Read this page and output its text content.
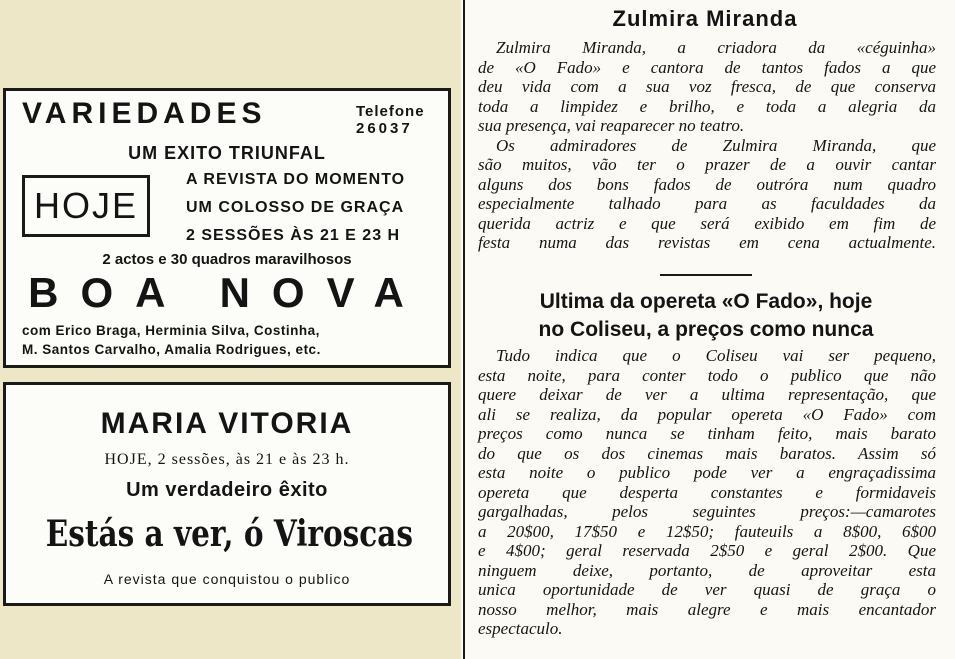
VARIEDADES	Telefone
26037
UM EXITO TRIUNFAL
HOJE
A REVISTA DO MOMENTO
UM COLOSSO DE GRAÇA
2 SESSÕES ÀS 21 E 23 H
2 actos e 30 quadros maravilhosos
BOA NOVA
com Erico Braga, Herminia Silva, Costinha,
M. Santos Carvalho, Amalia Rodrigues, etc.
MARIA VITORIA
HOJE, 2 sessões, às 21 e às 23 h.
Um verdadeiro êxito
Estás a ver, ó Viroscas
A revista que conquistou o publico
Zulmira Miranda
Zulmira Miranda, a criadora da «céguinha»
de «O Fado» e cantora de tantos fados a que
deu vida com a sua voz fresca, de que conserva
toda a limpidez e brilho, e toda a alegria da
sua presença, vai reaparecer no teatro.
Os admiradores de Zulmira Miranda, que
são muitos, vão ter o prazer de a ouvir cantar
alguns dos bons fados de outróra num quadro
especialmente talhado para as faculdades da
querida actriz e que será exibido em fim de
festa numa das revistas em cena actualmente.
Ultima da opereta «O Fado», hoje
no Coliseu, a preços como nunca
Tudo indica que o Coliseu vai ser pequeno,
esta noite, para conter todo o publico que não
quere deixar de ver a ultima representação, que
ali se realiza, da popular opereta «O Fado» com
preços como nunca se tinham feito, mais barato
do que os dos cinemas mais baratos. Assim só
esta noite o publico pode ver a engraçadissima
opereta que desperta constantes e formidaveis
gargalhadas, pelos seguintes preços:—camarotes
a 20$00, 17$50 e 12$50; fauteuils a 8$00, 6$00
e 4$00; geral reservada 2$50 e geral 2$00. Que
ninguem deixe, portanto, de aproveitar esta
unica oportunidade de ver quasi de graça o
nosso melhor, mais alegre e mais encantador
espectaculo.
